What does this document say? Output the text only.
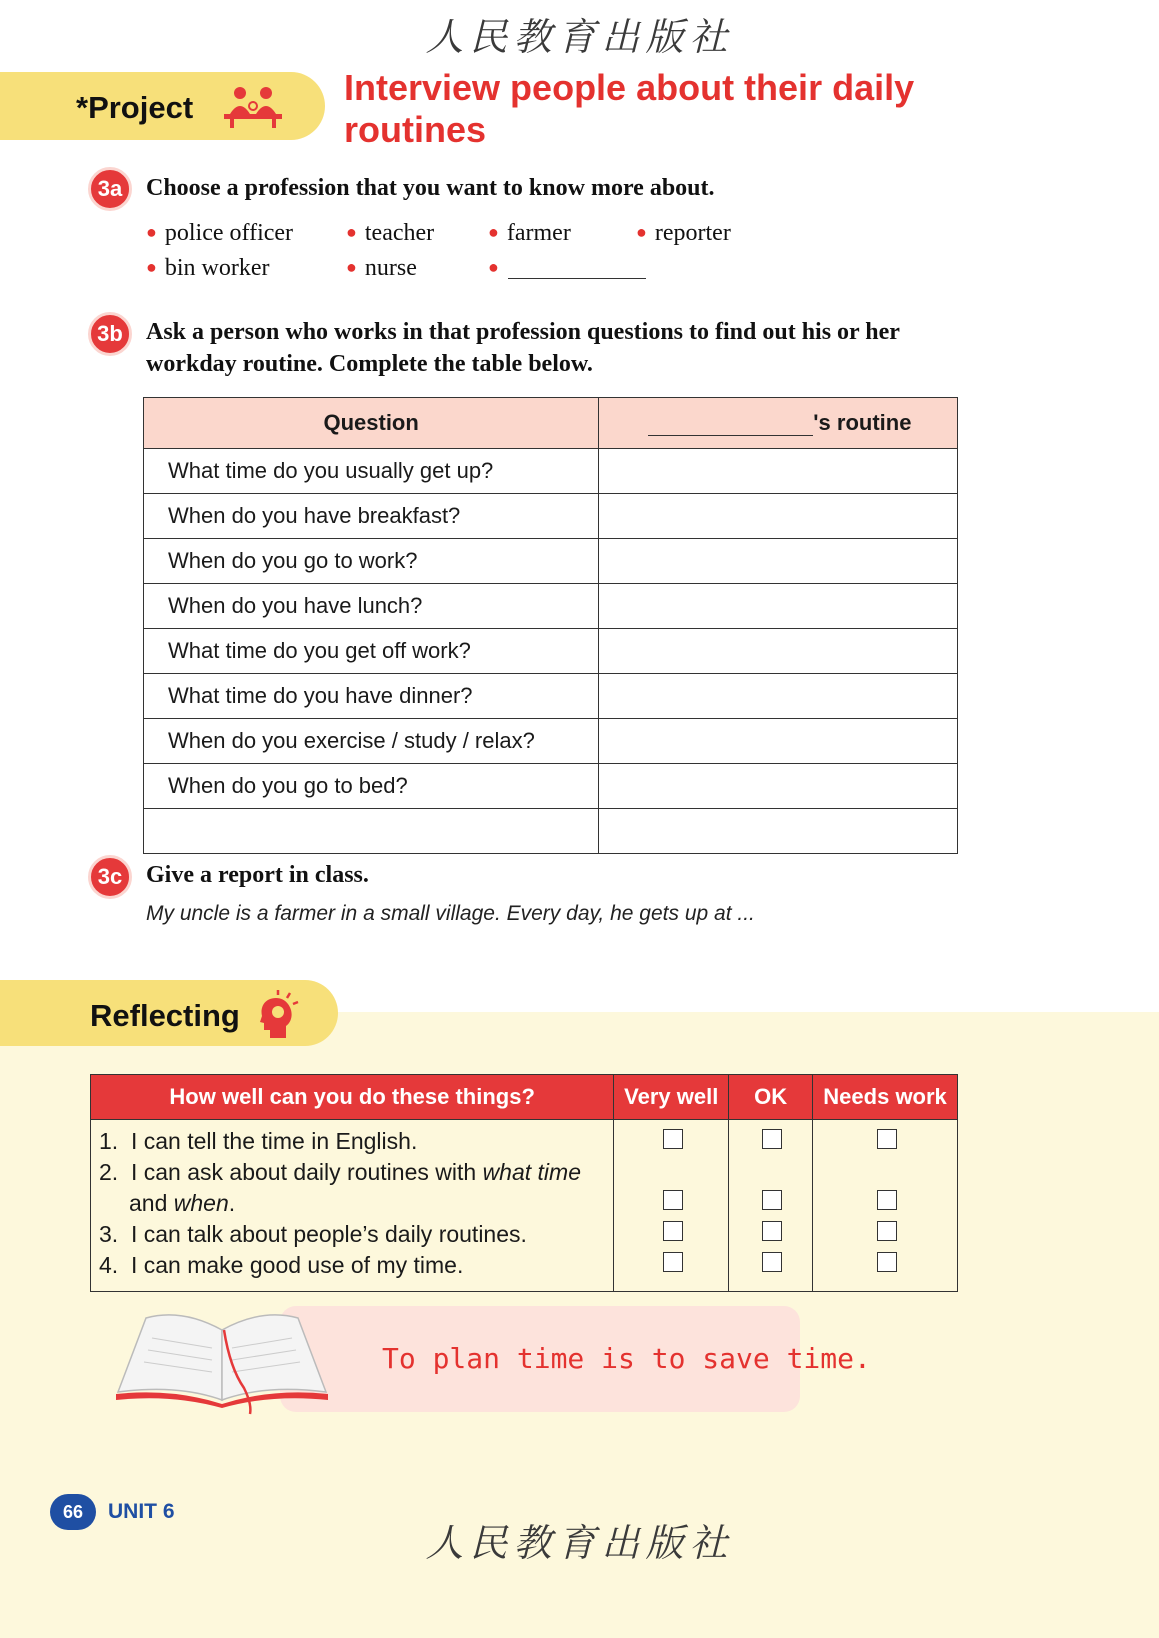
人民教育出版社
*Project	Interview people about their daily
routines
3a Choose a profession that you want to know more about.
● police officer	● teacher	● farmer	● reporter
● bin worker	● nurse	●
3b Ask a person who works in that profession questions to find out his or her
workday routine. Complete the table below.
Question	's routine
What time do you usually get up?	
When do you have breakfast?	
When do you go to work?	
When do you have lunch?	
What time do you get off work?	
What time do you have dinner?	
When do you exercise / study / relax?	
When do you go to bed?	

3c Give a report in class.
My uncle is a farmer in a small village. Every day, he gets up at ...
Reflecting
How well can you do these things?	Very well	OK	Needs work

1. I can tell the time in English.
2. I can ask about daily routines with what time
and when.
3. I can talk about people’s daily routines.
4. I can make good use of my time.			

To plan time is to save time.
66	UNIT 6
人民教育出版社
